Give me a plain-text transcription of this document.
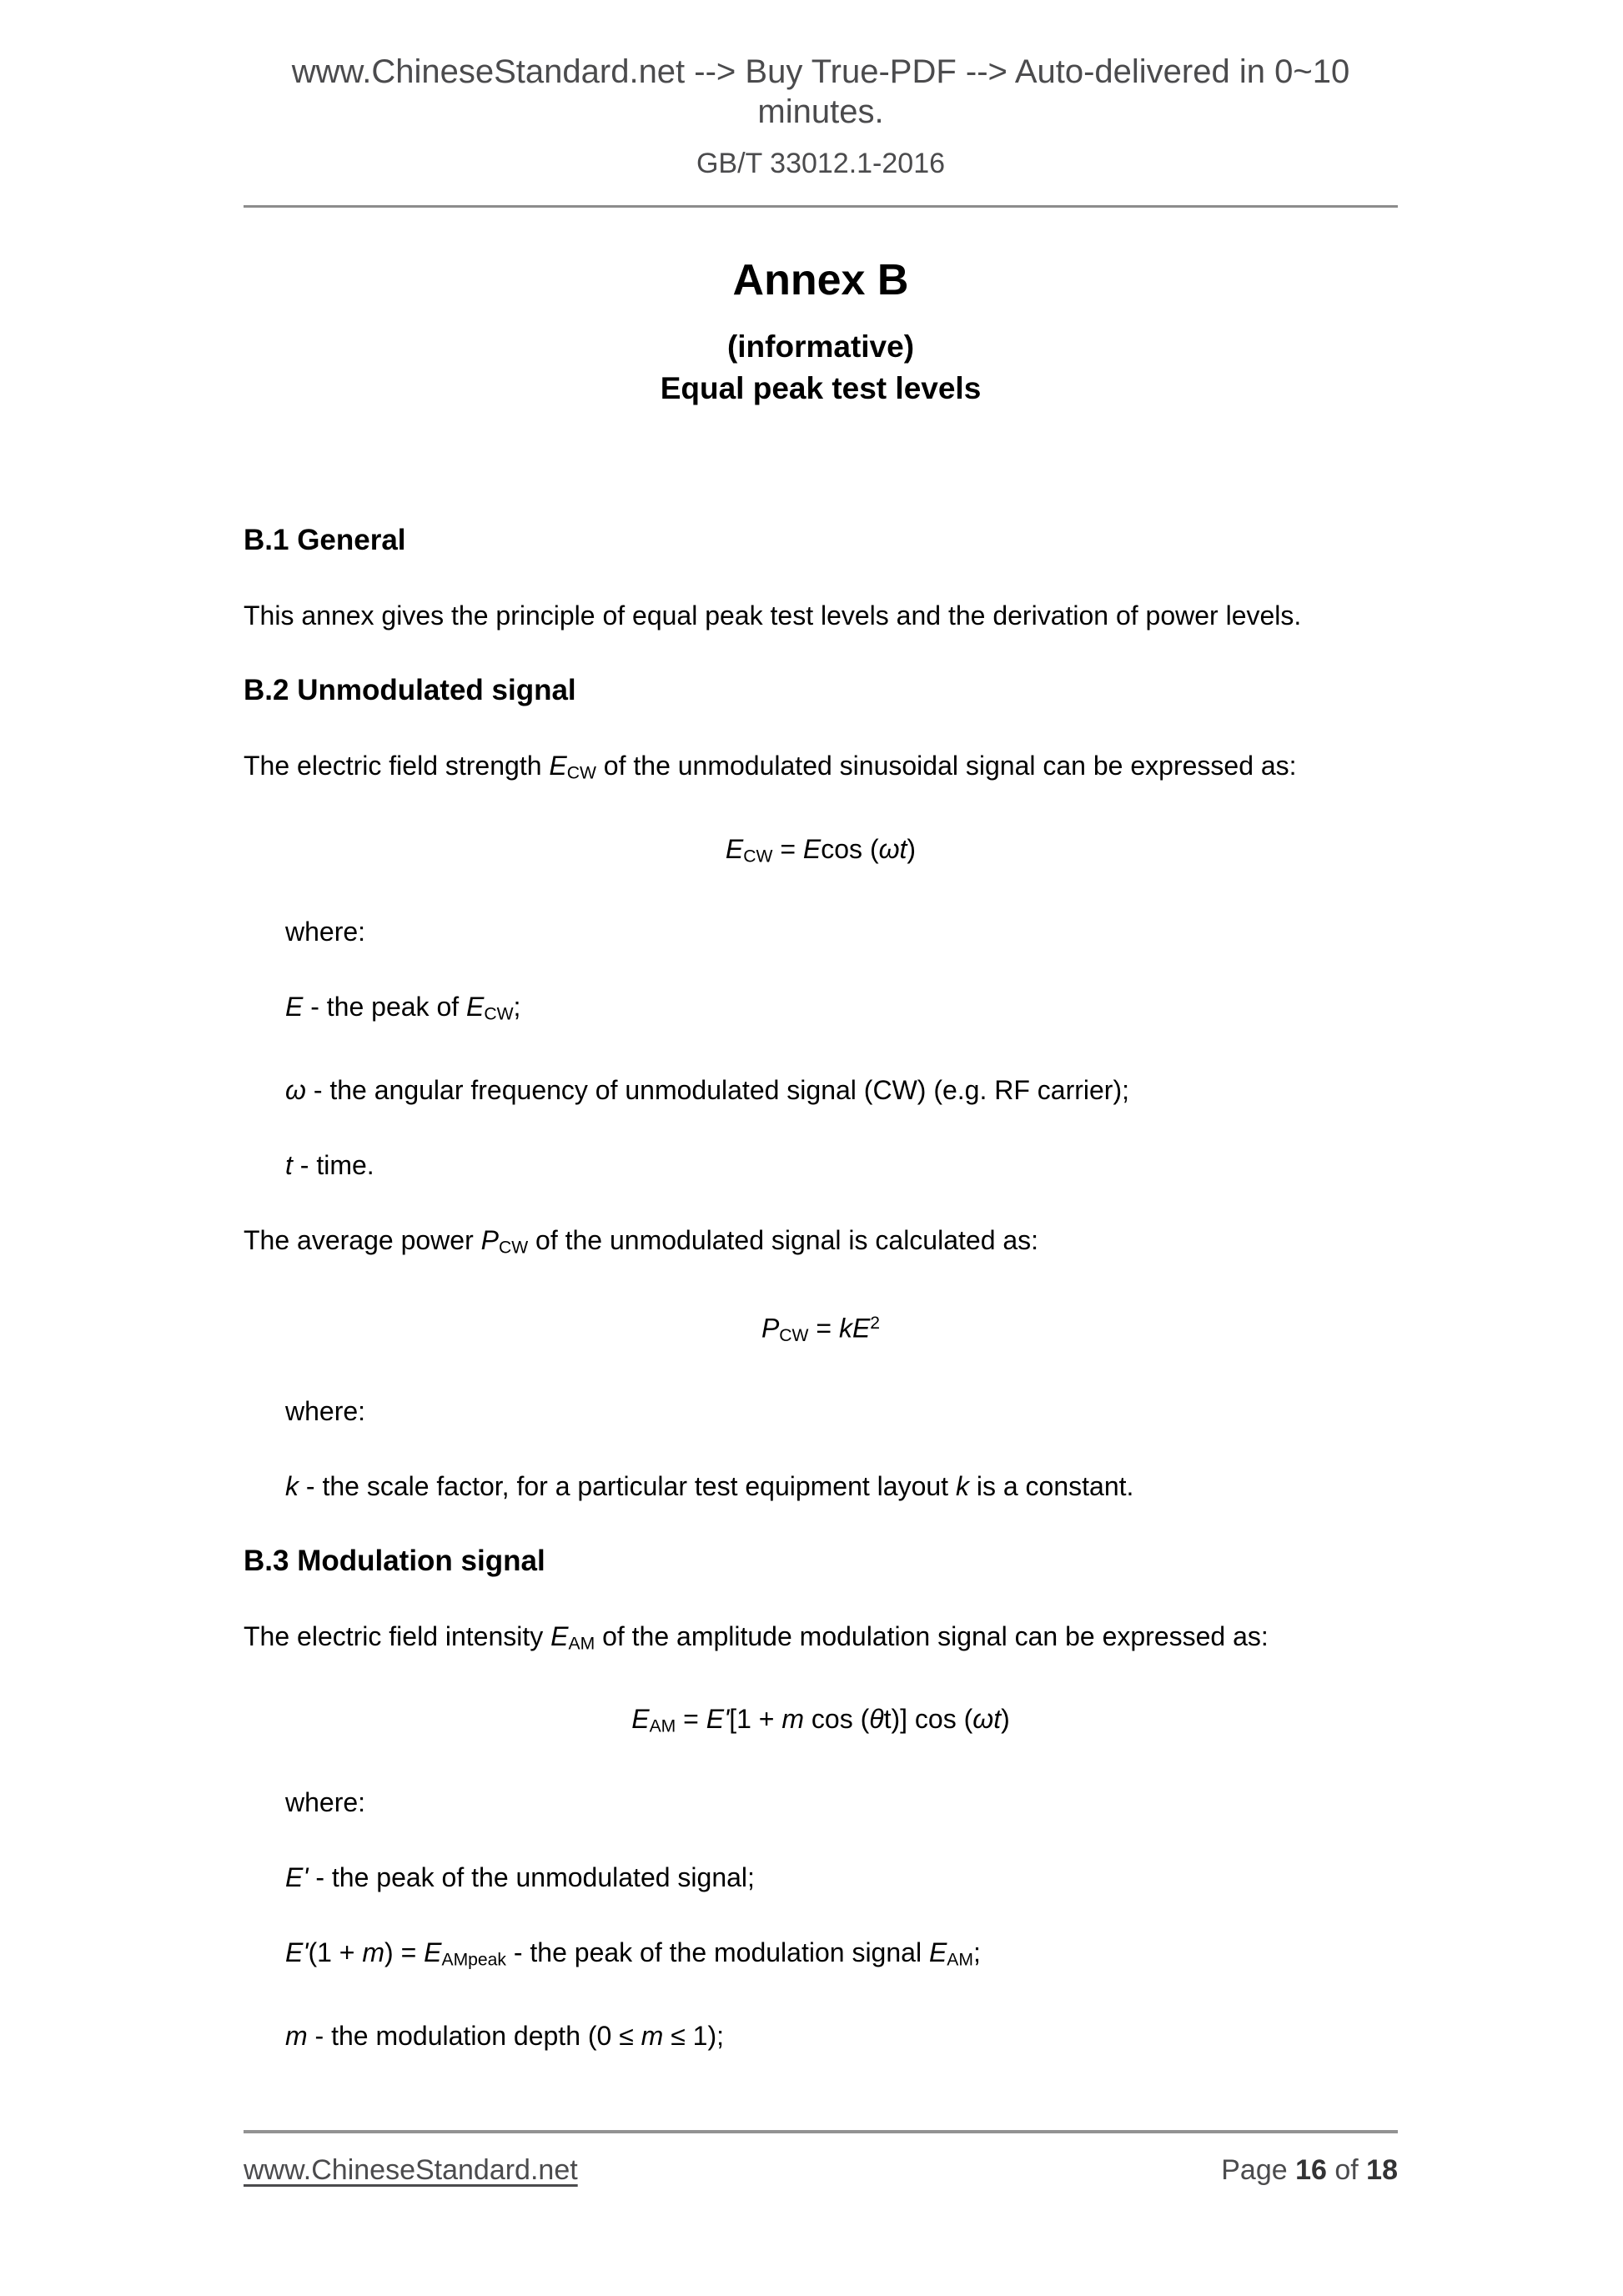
www.ChineseStandard.net --> Buy True-PDF --> Auto-delivered in 0~10 minutes.
GB/T 33012.1-2016
Annex B
(informative)
Equal peak test levels
B.1 General

This annex gives the principle of equal peak test levels and the derivation of power levels.

B.2 Unmodulated signal

The electric field strength $E_{CW}$ of the unmodulated sinusoidal signal can be expressed as:

$E_{CW} = Ecos$ (ωt)
where:
E - the peak of $E_{CW}$;
ω - the angular frequency of unmodulated signal (CW) (e.g. RF carrier);
t - time.

The average power $P_{CW}$ of the unmodulated signal is calculated as:

$P_{CW} = kE^2$
where:
k - the scale factor, for a particular test equipment layout k is a constant.
B.3 Modulation signal

The electric field intensity $E_{AM}$ of the amplitude modulation signal can be expressed as:

$E_{AM} = E'[1 + m$ cos (θt)] cos (ωt)
where:
E' - the peak of the unmodulated signal;
$E'(1 + m) = E_{AMpeak}$ - the peak of the modulation signal $E_{AM}$;
m - the modulation depth (0 ≤ m ≤ 1);
www.ChineseStandard.net	Page 16 of 18
